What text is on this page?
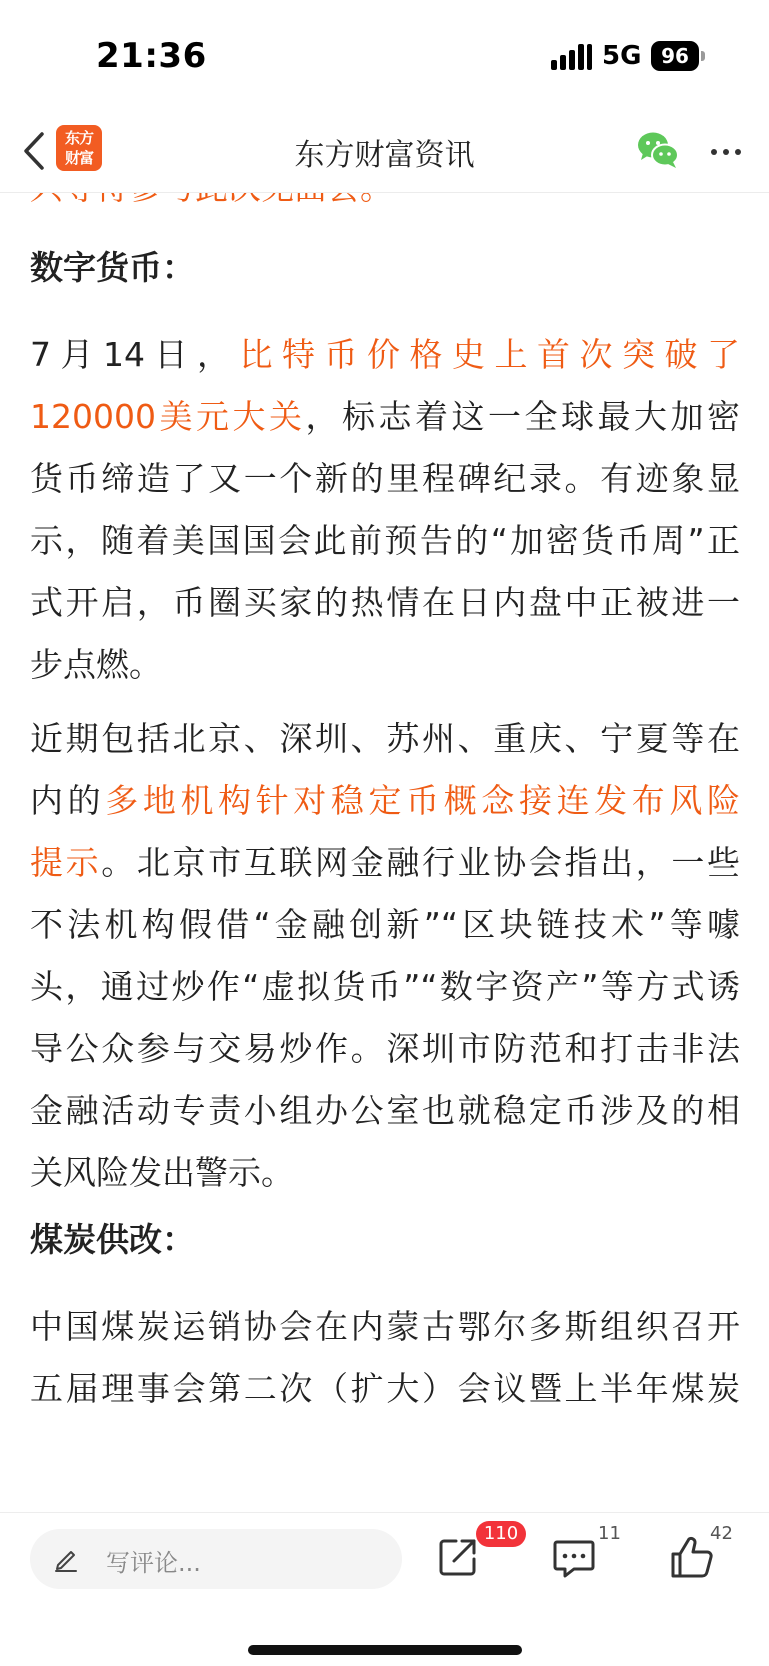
21:36	5G 96
东方
财富	东方财富资讯
数字货币：

7月14日，比特币价格史上首次突破了
120000美元大关，标志着这一全球最大加密
货币缔造了又一个新的里程碑纪录。有迹象显
示，随着美国国会此前预告的“加密货币周”正
式开启，币圈买家的热情在日内盘中正被进一
步点燃。

近期包括北京、深圳、苏州、重庆、宁夏等在
内的多地机构针对稳定币概念接连发布风险
提示。北京市互联网金融行业协会指出，一些
不法机构假借“金融创新”“区块链技术”等噱
头，通过炒作“虚拟货币”“数字资产”等方式诱
导公众参与交易炒作。深圳市防范和打击非法
金融活动专责小组办公室也就稳定币涉及的相
关风险发出警示。

煤炭供改：

中国煤炭运销协会在内蒙古鄂尔多斯组织召开
五届理事会第二次（扩大）会议暨上半年煤炭

写评论...
110	11	42
